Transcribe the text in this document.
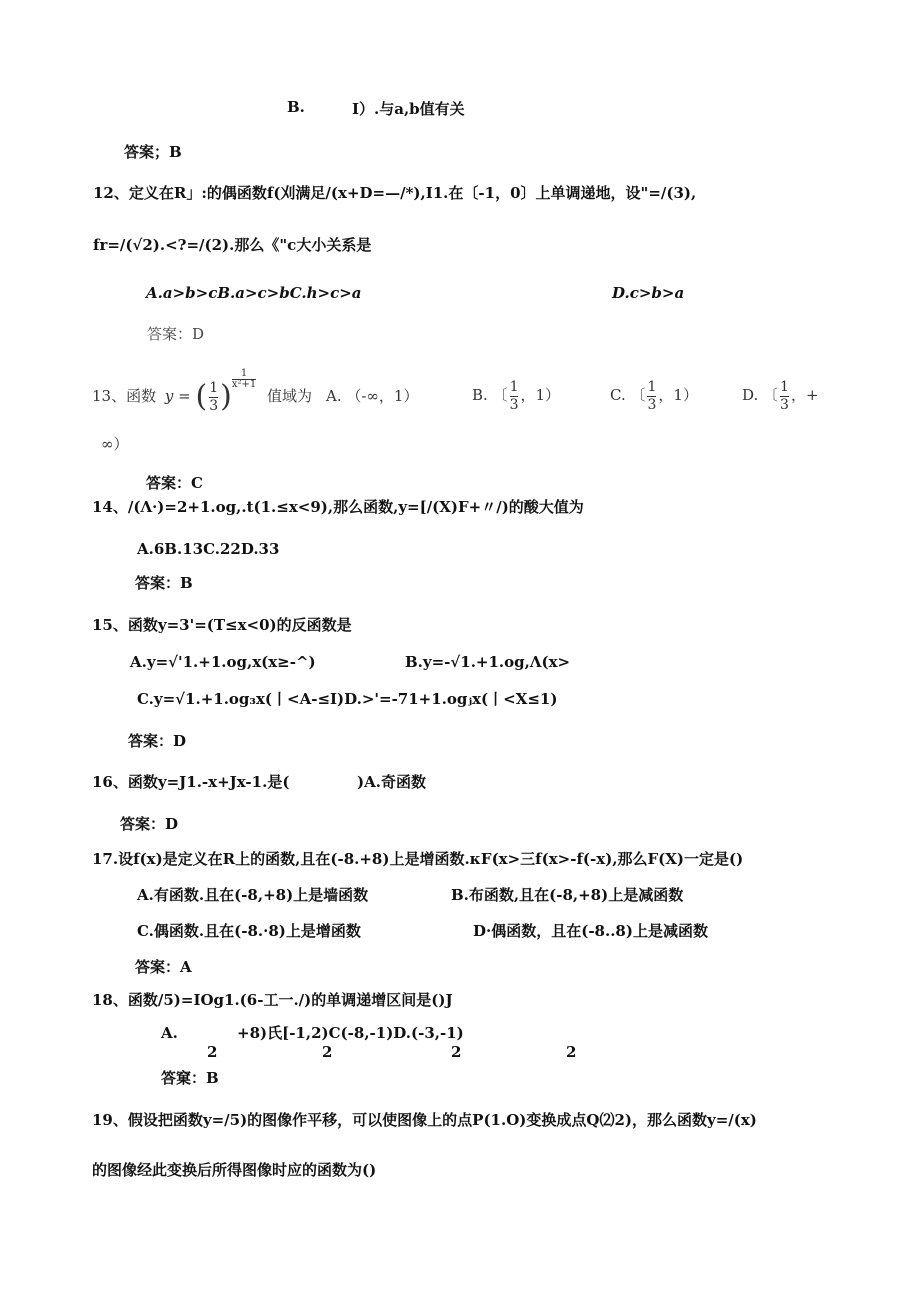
B.	I）.与a,b值有关
答案；B
12、定义在R」:的偶函数f(刈满足/(x+D=—/*),I1.在〔-1，0〕上单调递地，设"=/(3),
fr=/(√2).<?=/(2).那么《"c大小关系是
A.a>b>cB.a>c>bC.h>c>a	D.c>b>a
答案：D
13、函数 y = ( $\frac{1}{3}$ ) $\frac{1}{\text{x²+1}}$
值域为 A. （-∞，1）	B. 〔 $\frac{1}{3}$ ，1）	C. 〔 $\frac{1}{3}$ ，1）	D. 〔 $\frac{1}{3}$ ，+
∞）
答案：C
14、/(Λ·)=2+1.og,.t(1.≤x<9),那么函数,y=[/(X)F+〃/)的酸大值为
A.6B.13C.22D.33
答案：B
15、函数y=3'=(T≤x<0)的反函数是
A.y=√'1.+1.og,x(x≥-^)	B.y=-√1.+1.og,Λ(x>
C.y=√1.+1.og₃x(丨<A-≤I)D.>'=-71+1.ogⱼx(丨<X≤1)
答案：D
16、函数y=J1.-x+Jx-1.是(	)A.奇函数
答案：D
17.设f(x)是定义在R上的函数,且在(-8.+8)上是增函数.κF(x>三f(x>-f(-x),那么F(X)一定是()
A.有函数.且在(-8,+8)上是墙函数	B.布函数,且在(-8,+8)上是减函数
C.偶函数.且在(-8.·8)上是增函数	D·偶函数，且在(-8..8)上是减函数
答案：A
18、函数/5)=IOg1.(6-工一./)的单调递增区间是()J
A.	+8)氏[-1,2)C(-8,-1)D.(-3,-1)
2	2	2	2
答窠：B
19、假设把函数y=/5)的图像作平移，可以使图像上的点P(1.O)变换成点Q⑵2)，那么函数y=/(x)
的图像经此变换后所得图像时应的函数为()
